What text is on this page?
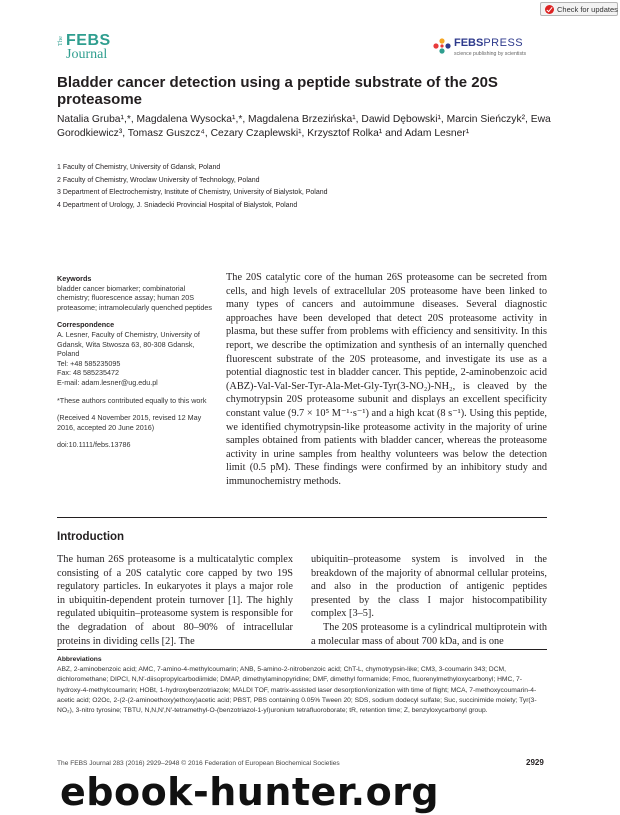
Check for updates
The FEBS
Journal
FEBSPRESS
science publishing by scientists
Bladder cancer detection using a peptide substrate of the 20S proteasome
Natalia Gruba¹,*, Magdalena Wysocka¹,*, Magdalena Brzezińska¹, Dawid Dębowski¹, Marcin Sieńczyk², Ewa Gorodkiewicz³, Tomasz Guszcz⁴, Cezary Czaplewski¹, Krzysztof Rolka¹ and Adam Lesner¹
1 Faculty of Chemistry, University of Gdansk, Poland
2 Faculty of Chemistry, Wroclaw University of Technology, Poland
3 Department of Electrochemistry, Institute of Chemistry, University of Bialystok, Poland
4 Department of Urology, J. Sniadecki Provincial Hospital of Bialystok, Poland
Keywords
bladder cancer biomarker; combinatorial chemistry; fluorescence assay; human 20S proteasome; intramolecularly quenched peptides
Correspondence
A. Lesner, Faculty of Chemistry, University of Gdansk, Wita Stwosza 63, 80-308 Gdansk, Poland
Tel: +48 585235095
Fax: 48 585235472
E-mail: adam.lesner@ug.edu.pl
*These authors contributed equally to this work
(Received 4 November 2015, revised 12 May 2016, accepted 20 June 2016)
doi:10.1111/febs.13786

The 20S catalytic core of the human 26S proteasome can be secreted from cells, and high levels of extracellular 20S proteasome have been linked to many types of cancers and autoimmune diseases. Several diagnostic approaches have been developed that detect 20S proteasome activity in plasma, but these suffer from problems with efficiency and sensitivity. In this report, we describe the optimization and synthesis of an internally quenched fluorescent substrate of the 20S proteasome, and investigate its use as a potential diagnostic test in bladder cancer. This peptide, 2-aminobenzoic acid (ABZ)-Val-Val-Ser-Tyr-Ala-Met-Gly-Tyr(3-NO₂)-NH₂, is cleaved by the chymotrypsin 20S proteasome subunit and displays an excellent specificity constant value (9.7 × 10⁵ M⁻¹·s⁻¹) and a high kcat (8 s⁻¹). Using this peptide, we identified chymotrypsin-like proteasome activity in the majority of urine samples obtained from patients with bladder cancer, whereas the proteasome activity in urine samples from healthy volunteers was below the detection limit (0.5 pM). These findings were confirmed by an inhibitory study and immunochemistry methods.

Introduction

The human 26S proteasome is a multicatalytic complex consisting of a 20S catalytic core capped by two 19S regulatory particles. In eukaryotes it plays a major role in ubiquitin-dependent protein turnover [1]. The highly regulated ubiquitin–proteasome system is responsible for the degradation of about 80–90% of intracellular proteins in dividing cells [2]. The

ubiquitin–proteasome system is involved in the breakdown of the majority of abnormal cellular proteins, and also in the production of antigenic peptides presented by the class I major histocompatibility complex [3–5].

The 20S proteasome is a cylindrical multiprotein with a molecular mass of about 700 kDa, and is one

Abbreviations
ABZ, 2-aminobenzoic acid; AMC, 7-amino-4-methylcoumarin; ANB, 5-amino-2-nitrobenzoic acid; ChT-L, chymotrypsin-like; CM3, 3-coumarin 343; DCM, dichloromethane; DIPCI, N,N′-diisopropylcarbodiimide; DMAP, dimethylaminopyridine; DMF, dimethyl formamide; Fmoc, fluorenylmethyloxycarbonyl; HMC, 7-hydroxy-4-methylcoumarin; HOBt, 1-hydroxybenzotriazole; MALDI TOF, matrix-assisted laser desorption/ionization with time of flight; MCA, 7-methoxycoumarin-4-acetic acid; O2Oc, 2-(2-(2-aminoethoxy)ethoxy)acetic acid; PBST, PBS containing 0.05% Tween 20; SDS, sodium dodecyl sulfate; Suc, succinimide moiety; Tyr(3-NO₂), 3-nitro tyrosine; TBTU, N,N,N′,N′-tetramethyl-O-(benzotriazol-1-yl)uronium tetrafluoroborate; tR, retention time; Z, benzyloxycarbonyl group.
The FEBS Journal 283 (2016) 2929–2948 © 2016 Federation of European Biochemical Societies	2929
ebook-hunter.org
